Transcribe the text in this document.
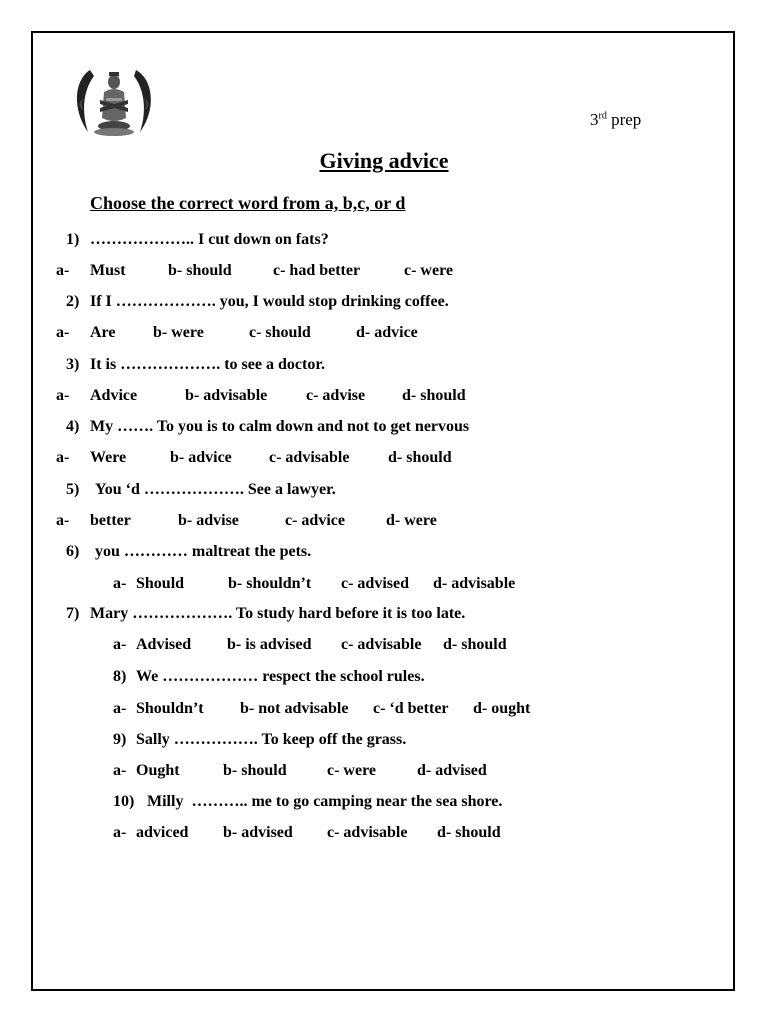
3rd prep
Giving advice
Choose the correct word from a, b,c, or d
1) ……………….. I cut down on fats?
a- Must	b- should	c- had better	c- were
2) If I ………………. you, I would stop drinking coffee.
a- Are b- were	c- should	d- advice
3) It is ………………. to see a doctor.
a- Advice	b- advisable c- advise d- should
4) My ……. To you is to calm down and not to get nervous
a- Were	b- advice c- advisable d- should
5) You ‘d ………………. See a lawyer.
a- better	b- advise	c- advice	d- were
6) you ………… maltreat the pets.
a- Should	b- shouldn’t c- advised d- advisable
7) Mary ………………. To study hard before it is too late.
a- Advised b- is advised c- advisable d- should
8) We ……………… respect the school rules.
a- Shouldn’t b- not advisable c- ‘d better d- ought
9) Sally ……………. To keep off the grass.
a- Ought	b- should	c- were	d- advised
10) Milly  ……….. me to go camping near the sea shore.
a- adviced b- advised c- advisable d- should
